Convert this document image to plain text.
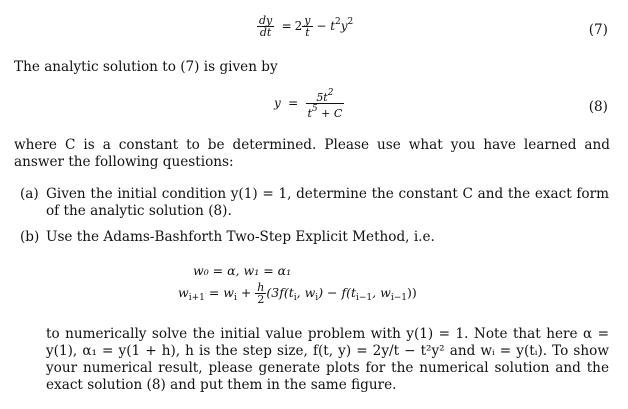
$\frac{dy}{dt} = 2 \frac{y}{t} - t^2y^2$	(7)
The analytic solution to (7) is given by
$y = \frac{5t^2}{t^5 + C}$	(8)
where C is a constant to be determined. Please use what you have learned and answer the following questions:
(a) Given the initial condition y(1) = 1, determine the constant C and the exact form of the analytic solution (8).
(b) Use the Adams-Bashforth Two-Step Explicit Method, i.e.
w₀ = α, w₁ = α₁
$w_{i+1} = w_i + \frac{h}{2} (3f(t_i$, $w_i) - f(t_{i-1}$, $w_{i-1}$))
to numerically solve the initial value problem with y(1) = 1. Note that here α = y(1), α₁ = y(1 + h), h is the step size, f(t, y) = 2y/t − t²y² and wᵢ = y(tᵢ). To show your numerical result, please generate plots for the numerical solution and the exact solution (8) and put them in the same figure.
